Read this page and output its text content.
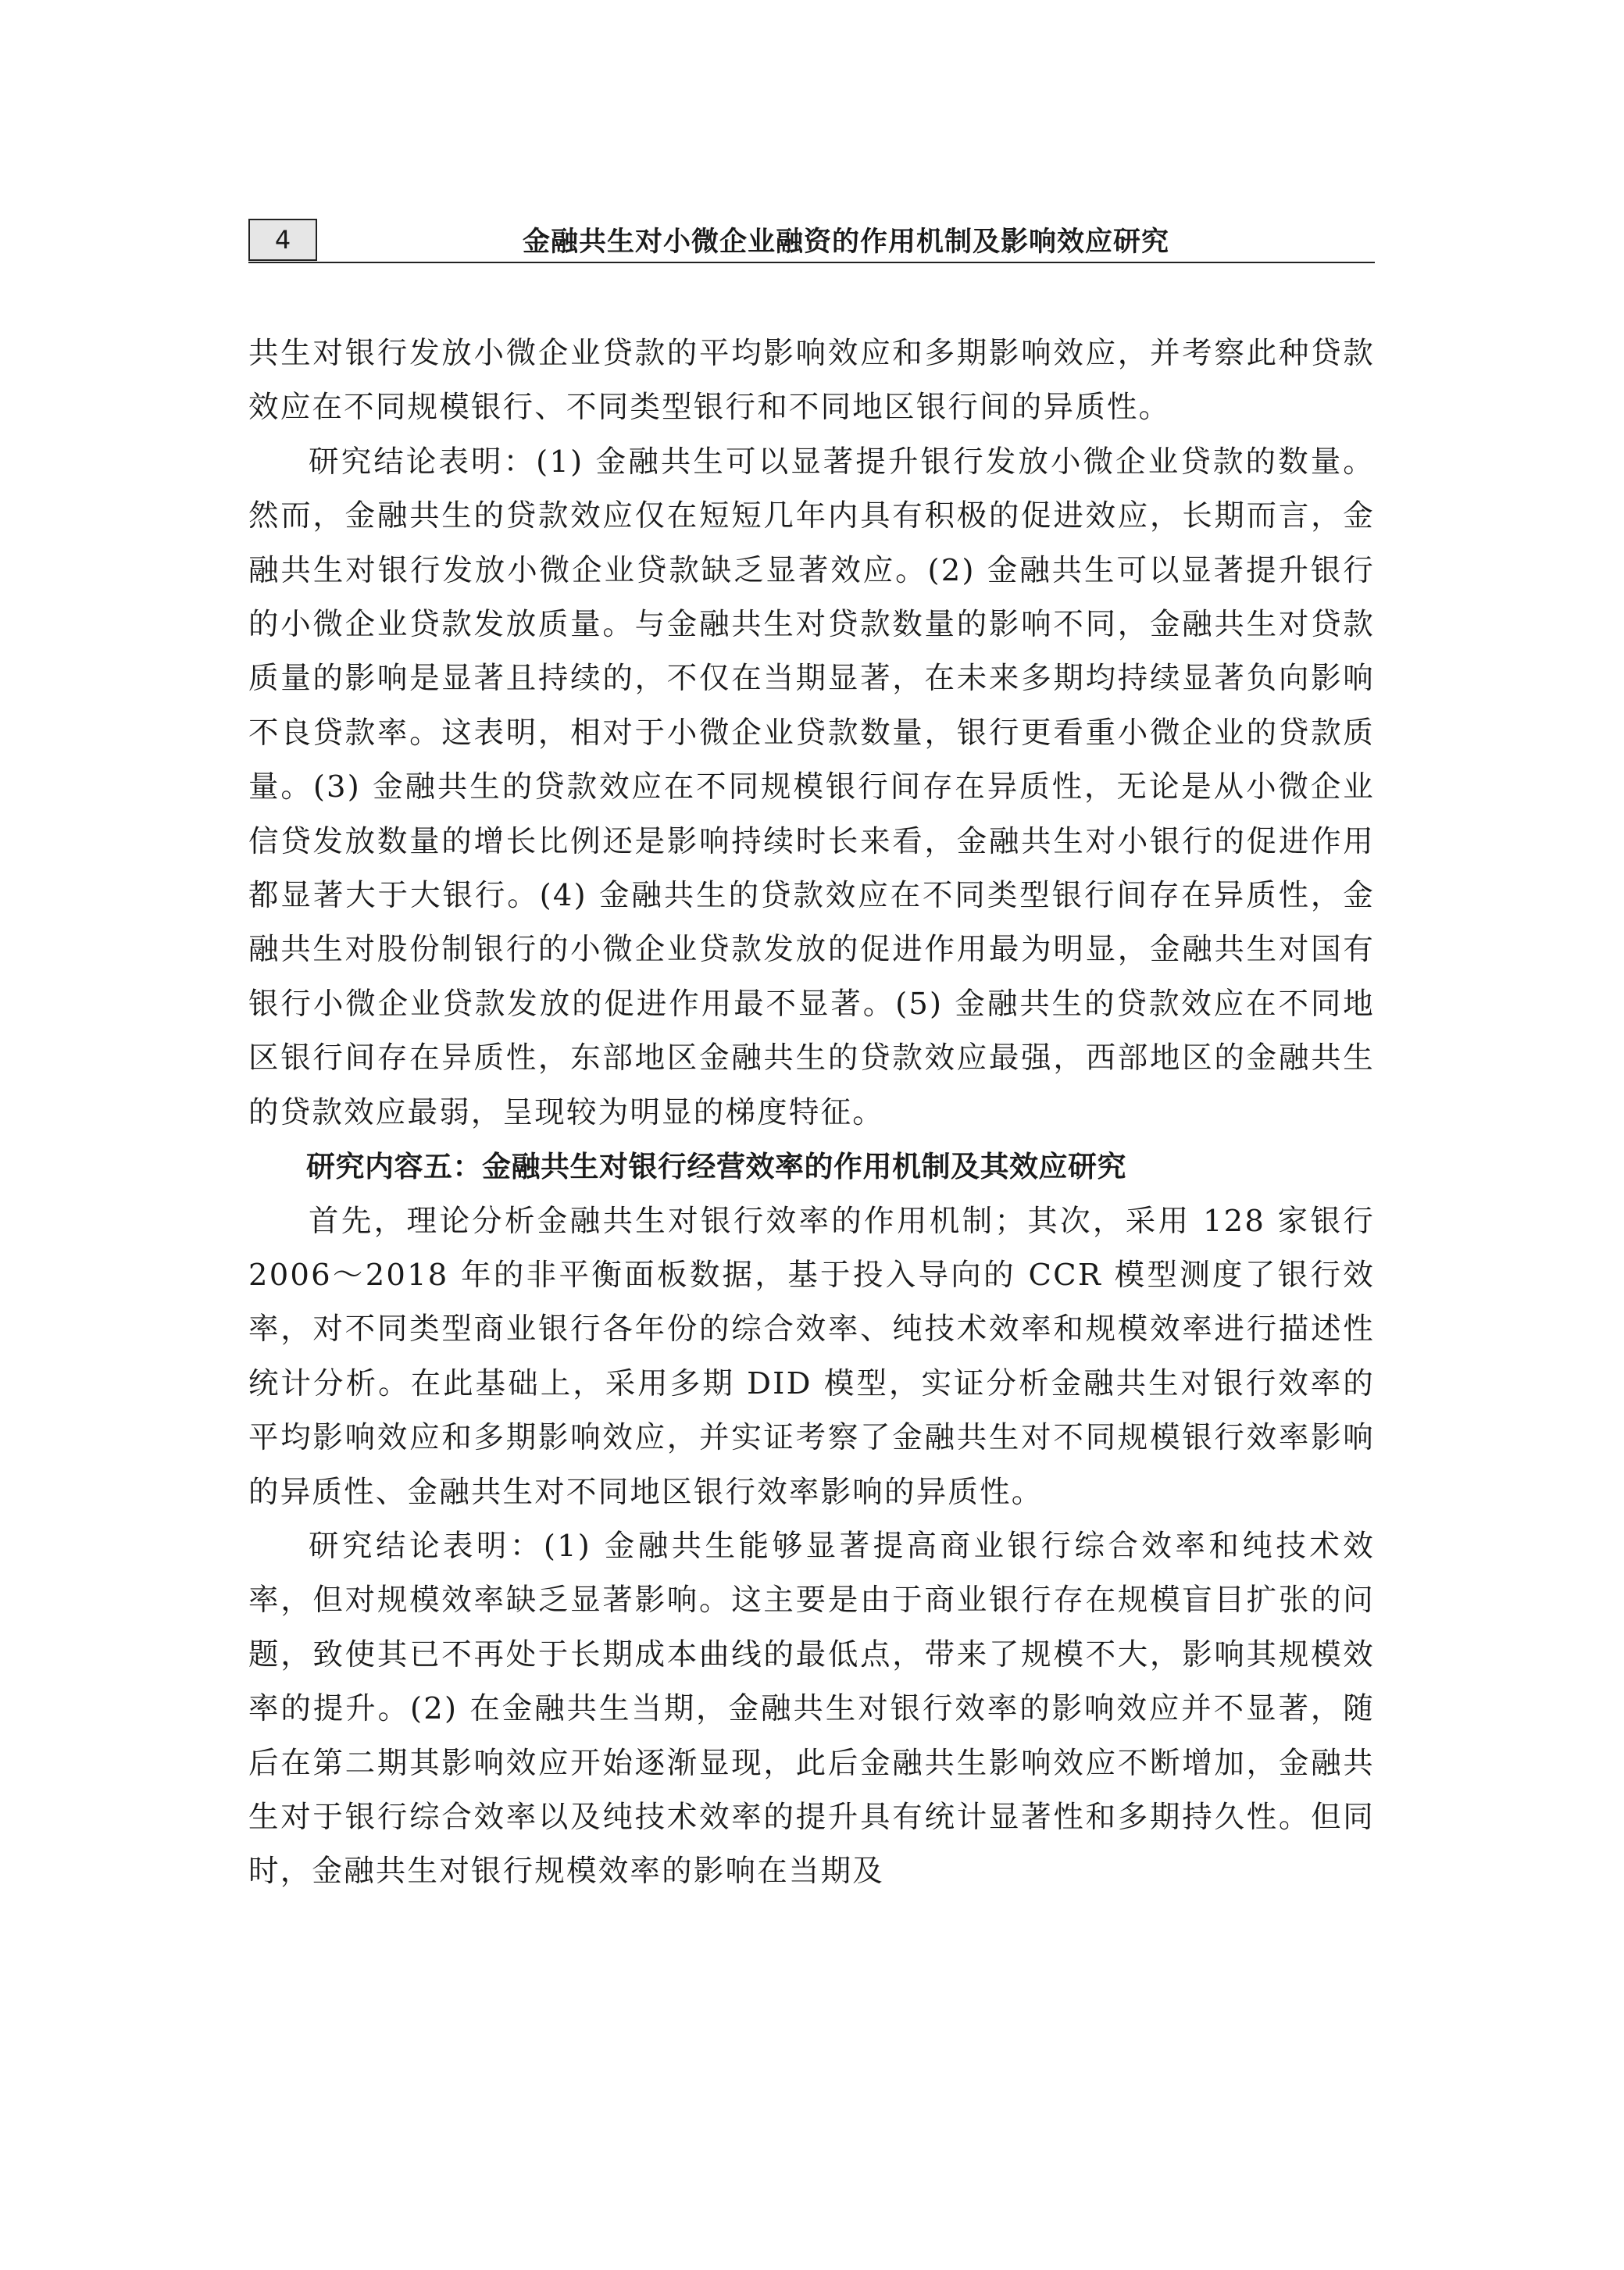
4	金融共生对小微企业融资的作用机制及影响效应研究

共生对银行发放小微企业贷款的平均影响效应和多期影响效应，并考察此种贷款效应在不同规模银行、不同类型银行和不同地区银行间的异质性。

研究结论表明：(1) 金融共生可以显著提升银行发放小微企业贷款的数量。然而，金融共生的贷款效应仅在短短几年内具有积极的促进效应，长期而言，金融共生对银行发放小微企业贷款缺乏显著效应。(2) 金融共生可以显著提升银行的小微企业贷款发放质量。与金融共生对贷款数量的影响不同，金融共生对贷款质量的影响是显著且持续的，不仅在当期显著，在未来多期均持续显著负向影响不良贷款率。这表明，相对于小微企业贷款数量，银行更看重小微企业的贷款质量。(3) 金融共生的贷款效应在不同规模银行间存在异质性，无论是从小微企业信贷发放数量的增长比例还是影响持续时长来看，金融共生对小银行的促进作用都显著大于大银行。(4) 金融共生的贷款效应在不同类型银行间存在异质性，金融共生对股份制银行的小微企业贷款发放的促进作用最为明显，金融共生对国有银行小微企业贷款发放的促进作用最不显著。(5) 金融共生的贷款效应在不同地区银行间存在异质性，东部地区金融共生的贷款效应最强，西部地区的金融共生的贷款效应最弱，呈现较为明显的梯度特征。

研究内容五：金融共生对银行经营效率的作用机制及其效应研究

首先，理论分析金融共生对银行效率的作用机制；其次，采用 128 家银行 2006～2018 年的非平衡面板数据，基于投入导向的 CCR 模型测度了银行效率，对不同类型商业银行各年份的综合效率、纯技术效率和规模效率进行描述性统计分析。在此基础上，采用多期 DID 模型，实证分析金融共生对银行效率的平均影响效应和多期影响效应，并实证考察了金融共生对不同规模银行效率影响的异质性、金融共生对不同地区银行效率影响的异质性。

研究结论表明：(1) 金融共生能够显著提高商业银行综合效率和纯技术效率，但对规模效率缺乏显著影响。这主要是由于商业银行存在规模盲目扩张的问题，致使其已不再处于长期成本曲线的最低点，带来了规模不大，影响其规模效率的提升。(2) 在金融共生当期，金融共生对银行效率的影响效应并不显著，随后在第二期其影响效应开始逐渐显现，此后金融共生影响效应不断增加，金融共生对于银行综合效率以及纯技术效率的提升具有统计显著性和多期持久性。但同时，金融共生对银行规模效率的影响在当期及
